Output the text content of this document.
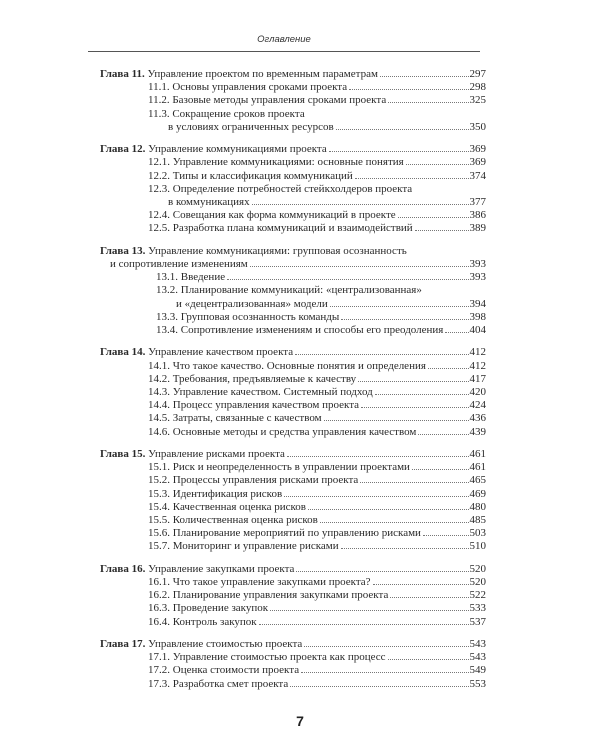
Оглавление
Глава 11. Управление проектом по временным параметрам	297
11.1. Основы управления сроками проекта	298
11.2. Базовые методы управления сроками проекта	325
11.3. Сокращение сроков проекта
в условиях ограниченных ресурсов	350
Глава 12. Управление коммуникациями проекта	369
12.1. Управление коммуникациями: основные понятия	369
12.2. Типы и классификация коммуникаций	374
12.3. Определение потребностей стейкхолдеров проекта
в коммуникациях	377
12.4. Совещания как форма коммуникаций в проекте	386
12.5. Разработка плана коммуникаций и взаимодействий	389
Глава 13. Управление коммуникациями: групповая осознанность
и сопротивление изменениям	393
13.1. Введение	393
13.2. Планирование коммуникаций: «централизованная»
и «децентрализованная» модели	394
13.3. Групповая осознанность команды	398
13.4. Сопротивление изменениям и способы его преодоления 404
Глава 14. Управление качеством проекта	412
14.1. Что такое качество. Основные понятия и определения	412
14.2. Требования, предъявляемые к качеству	417
14.3. Управление качеством. Системный подход	420
14.4. Процесс управления качеством проекта	424
14.5. Затраты, связанные с качеством	436
14.6. Основные методы и средства управления качеством	439
Глава 15. Управление рисками проекта	461
15.1. Риск и неопределенность в управлении проектами	461
15.2. Процессы управления рисками проекта	465
15.3. Идентификация рисков	469
15.4. Качественная оценка рисков	480
15.5. Количественная оценка рисков	485
15.6. Планирование мероприятий по управлению рисками	503
15.7. Мониторинг и управление рисками	510
Глава 16. Управление закупками проекта	520
16.1. Что такое управление закупками проекта?	520
16.2. Планирование управления закупками проекта	522
16.3. Проведение закупок	533
16.4. Контроль закупок	537
Глава 17. Управление стоимостью проекта	543
17.1. Управление стоимостью проекта как процесс	543
17.2. Оценка стоимости проекта	549
17.3. Разработка смет проекта	553
7
